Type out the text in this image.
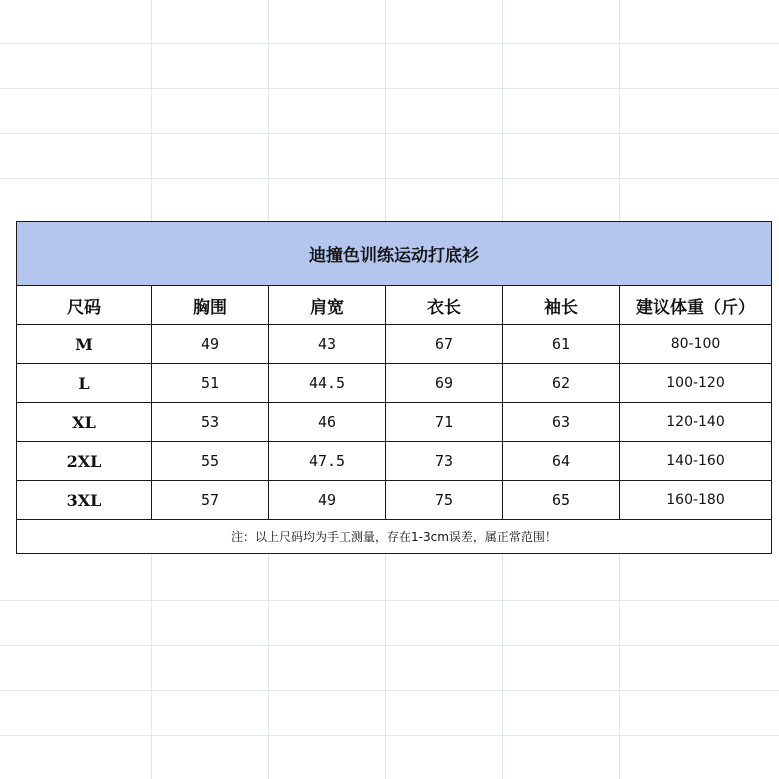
迪撞色训练运动打底衫					
尺码	胸围	肩宽	衣长	袖长	建议体重（斤）
M	49	43	67	61	80-100
L	51	44.5	69	62	100-120
XL	53	46	71	63	120-140
2XL	55	47.5	73	64	140-160
3XL	57	49	75	65	160-180
注：以上尺码均为手工测量，存在1-3cm误差，属正常范围！					
